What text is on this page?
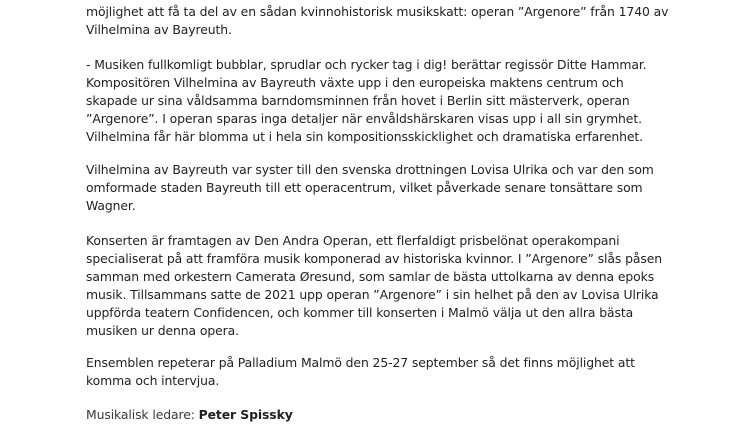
möjlighet att få ta del av en sådan kvinnohistorisk musikskatt: operan ”Argenore” från 1740 av
Vilhelmina av Bayreuth.
- Musiken fullkomligt bubblar, sprudlar och rycker tag i dig! berättar regissör Ditte Hammar.
Kompositören Vilhelmina av Bayreuth växte upp i den europeiska maktens centrum och
skapade ur sina våldsamma barndomsminnen från hovet i Berlin sitt mästerverk, operan
”Argenore”. I operan sparas inga detaljer när envåldshärskaren visas upp i all sin grymhet.
Vilhelmina får här blomma ut i hela sin kompositionsskicklighet och dramatiska erfarenhet.
Vilhelmina av Bayreuth var syster till den svenska drottningen Lovisa Ulrika och var den som
omformade staden Bayreuth till ett operacentrum, vilket påverkade senare tonsättare som
Wagner.
Konserten är framtagen av Den Andra Operan, ett flerfaldigt prisbelönat operakompani
specialiserat på att framföra musik komponerad av historiska kvinnor. I ”Argenore” slås påsen
samman med orkestern Camerata Øresund, som samlar de bästa uttolkarna av denna epoks
musik. Tillsammans satte de 2021 upp operan ”Argenore” i sin helhet på den av Lovisa Ulrika
uppförda teatern Confidencen, och kommer till konserten i Malmö välja ut den allra bästa
musiken ur denna opera.
Ensemblen repeterar på Palladium Malmö den 25-27 september så det finns möjlighet att
komma och intervjua.
Musikalisk ledare: Peter Spissky
